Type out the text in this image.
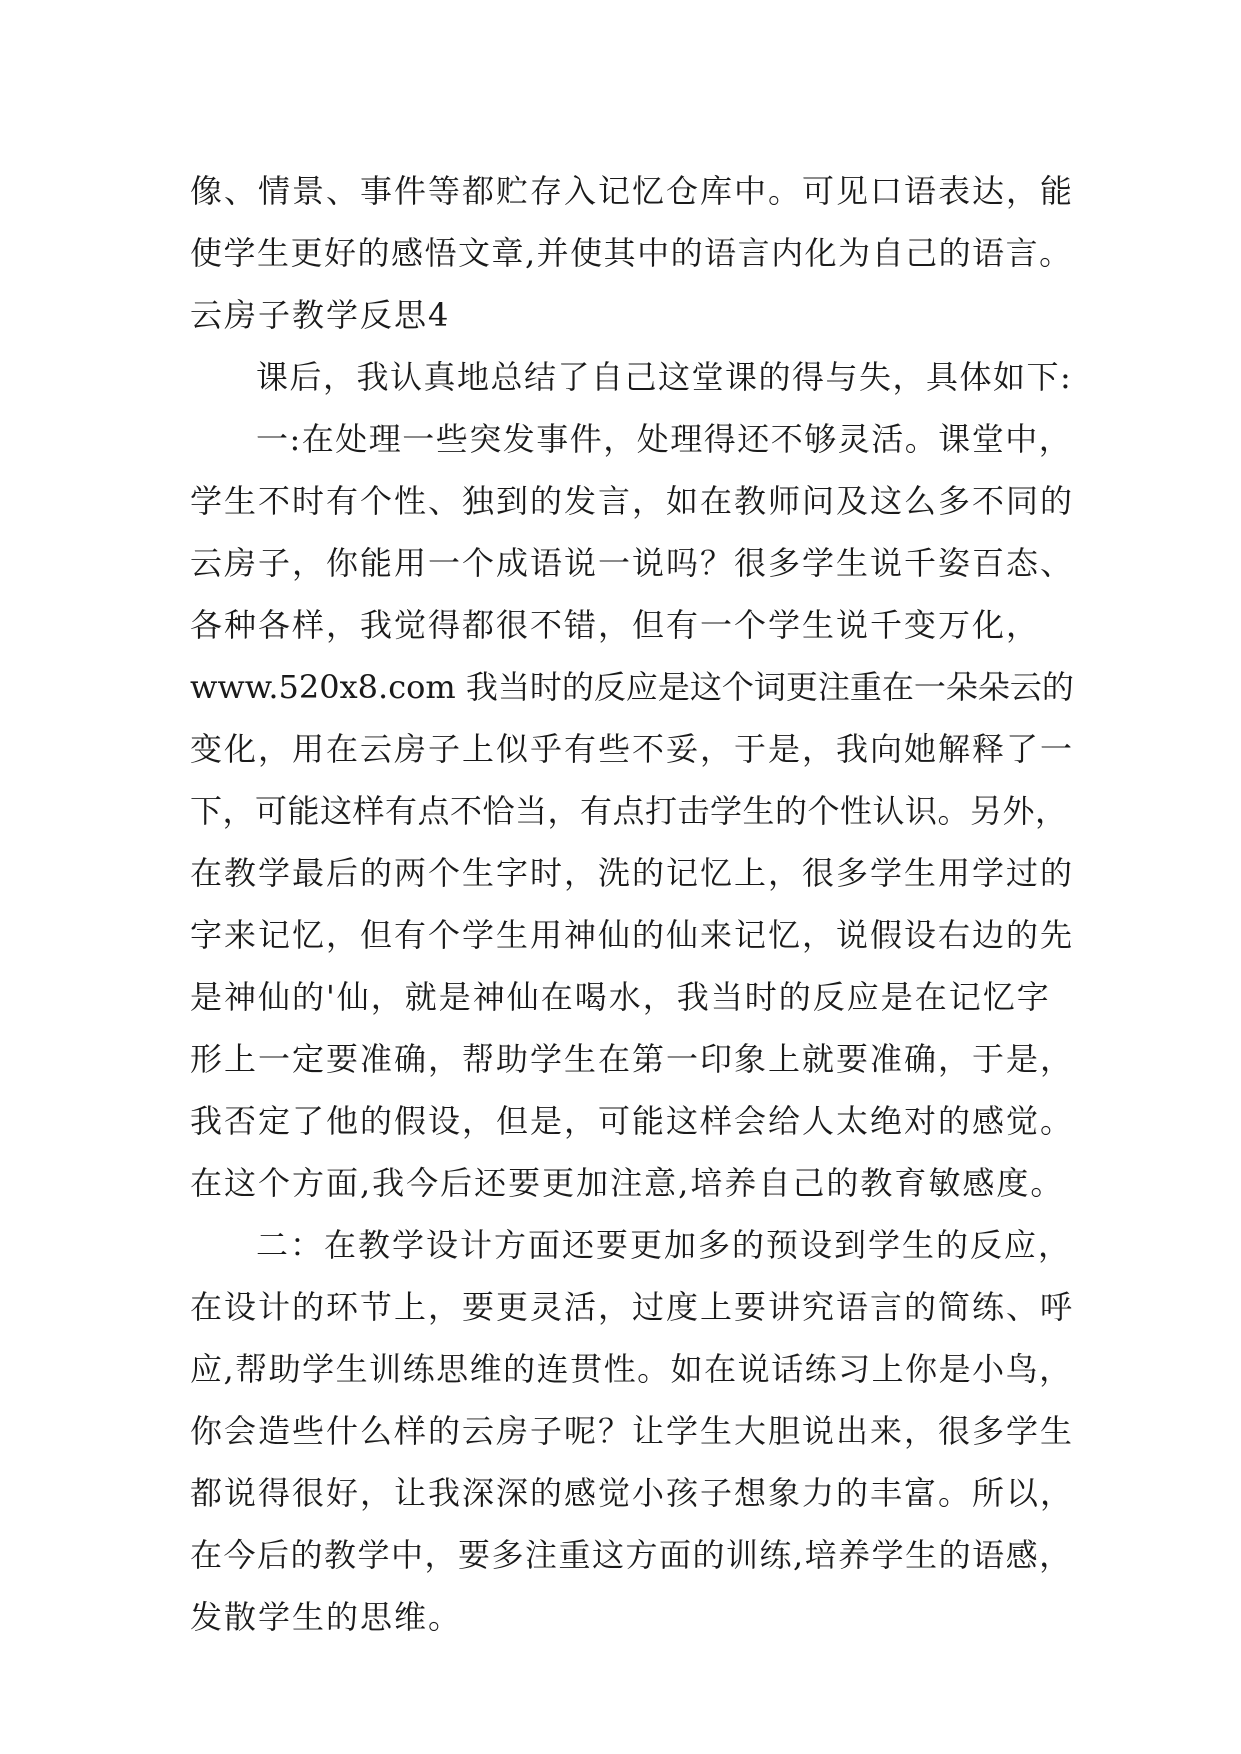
像、情景、事件等都贮存入记忆仓库中。可见口语表达，能
使学生更好的感悟文章,并使其中的语言内化为自己的语言。
云房子教学反思4
课后，我认真地总结了自己这堂课的得与失，具体如下:
一:在处理一些突发事件，处理得还不够灵活。课堂中，
学生不时有个性、独到的发言，如在教师问及这么多不同的
云房子，你能用一个成语说一说吗？很多学生说千姿百态、
各种各样，我觉得都很不错，但有一个学生说千变万化，
www.520x8.com 我当时的反应是这个词更注重在一朵朵云的
变化，用在云房子上似乎有些不妥，于是，我向她解释了一
下，可能这样有点不恰当，有点打击学生的个性认识。另外，
在教学最后的两个生字时，洗的记忆上，很多学生用学过的
字来记忆，但有个学生用神仙的仙来记忆，说假设右边的先
是神仙的'仙，就是神仙在喝水，我当时的反应是在记忆字
形上一定要准确，帮助学生在第一印象上就要准确，于是，
我否定了他的假设，但是，可能这样会给人太绝对的感觉。
在这个方面,我今后还要更加注意,培养自己的教育敏感度。
二：在教学设计方面还要更加多的预设到学生的反应，
在设计的环节上，要更灵活，过度上要讲究语言的简练、呼
应,帮助学生训练思维的连贯性。如在说话练习上你是小鸟，
你会造些什么样的云房子呢？让学生大胆说出来，很多学生
都说得很好，让我深深的感觉小孩子想象力的丰富。所以，
在今后的教学中，要多注重这方面的训练,培养学生的语感，
发散学生的思维。
